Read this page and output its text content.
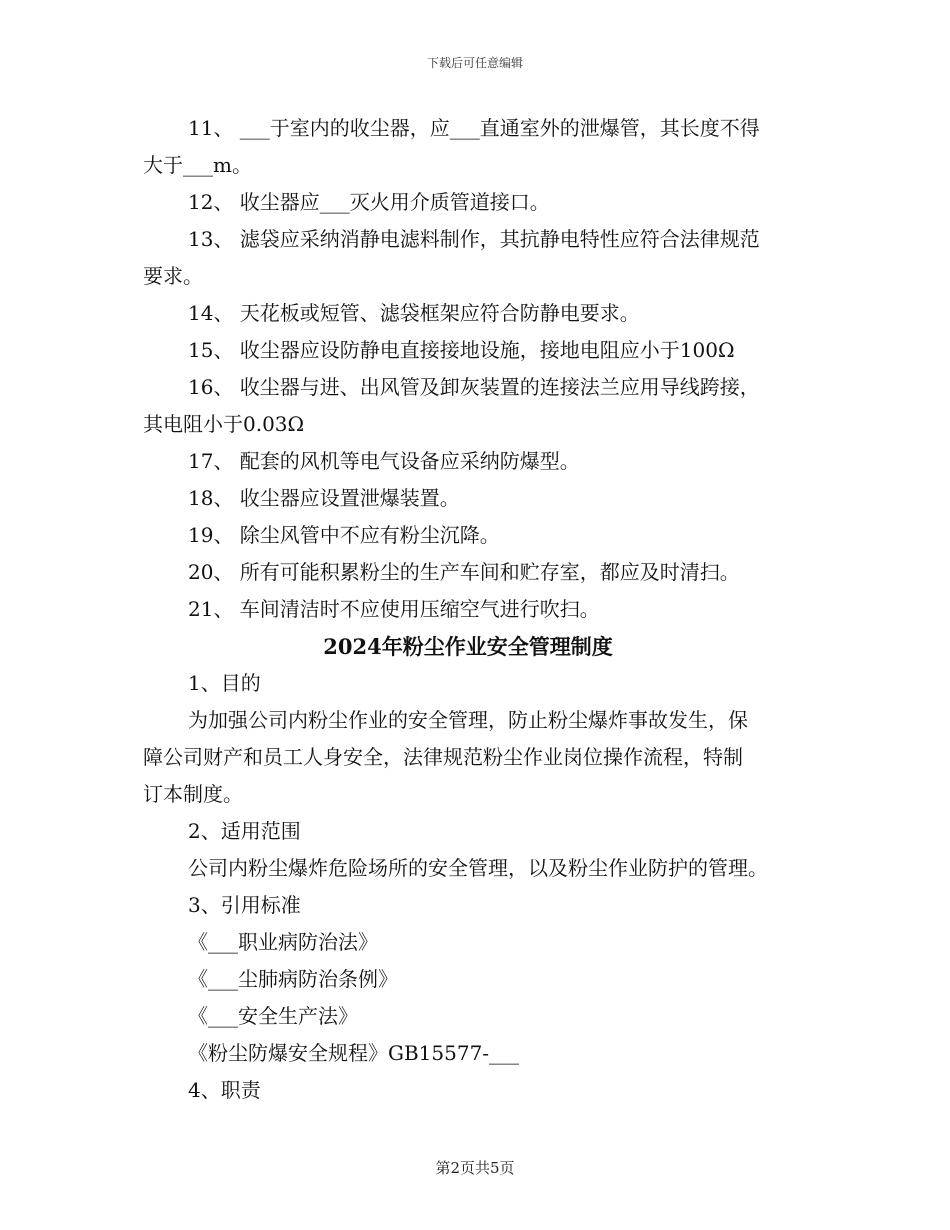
下载后可任意编辑
11、 ___于室内的收尘器，应___直通室外的泄爆管，其长度不得
大于___m。
12、 收尘器应___灭火用介质管道接口。
13、 滤袋应采纳消静电滤料制作，其抗静电特性应符合法律规范
要求。
14、 天花板或短管、滤袋框架应符合防静电要求。
15、 收尘器应设防静电直接接地设施，接地电阻应小于100Ω
16、 收尘器与进、出风管及卸灰装置的连接法兰应用导线跨接，
其电阻小于0.03Ω
17、 配套的风机等电气设备应采纳防爆型。
18、 收尘器应设置泄爆装置。
19、 除尘风管中不应有粉尘沉降。
20、 所有可能积累粉尘的生产车间和贮存室，都应及时清扫。
21、 车间清洁时不应使用压缩空气进行吹扫。
2024年粉尘作业安全管理制度
1、目的
为加强公司内粉尘作业的安全管理，防止粉尘爆炸事故发生，保
障公司财产和员工人身安全，法律规范粉尘作业岗位操作流程，特制
订本制度。
2、适用范围
公司内粉尘爆炸危险场所的安全管理，以及粉尘作业防护的管理。
3、引用标准
《___职业病防治法》
《___尘肺病防治条例》
《___安全生产法》
《粉尘防爆安全规程》GB15577-___
4、职责
第2页共5页
